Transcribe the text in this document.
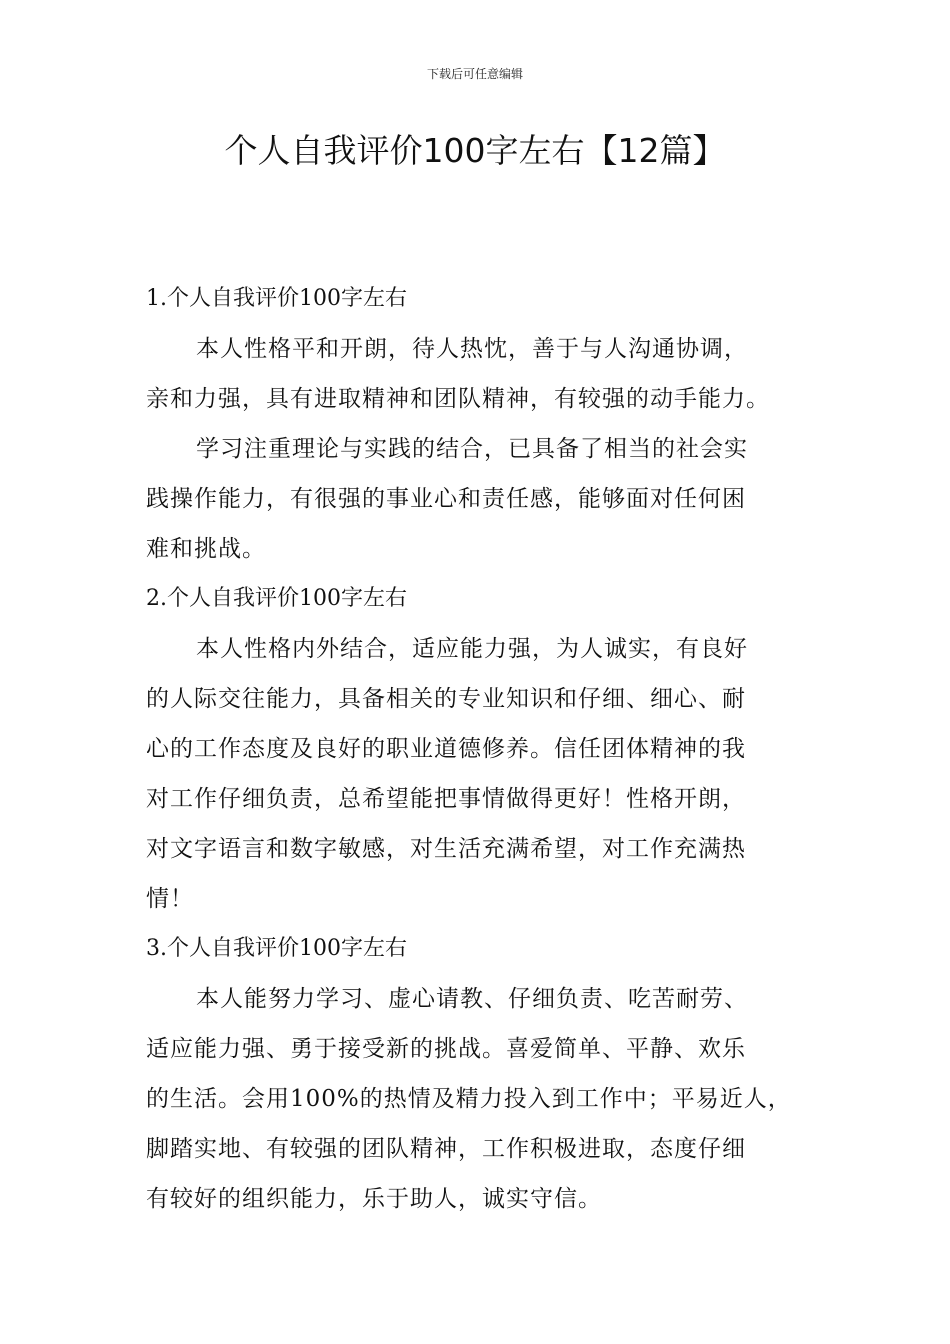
下载后可任意编辑
个人自我评价100字左右【12篇】
1.个人自我评价100字左右
本人性格平和开朗，待人热忱，善于与人沟通协调，
亲和力强，具有进取精神和团队精神，有较强的动手能力。
学习注重理论与实践的结合，已具备了相当的社会实
践操作能力，有很强的事业心和责任感，能够面对任何困
难和挑战。
2.个人自我评价100字左右
本人性格内外结合，适应能力强，为人诚实，有良好
的人际交往能力，具备相关的专业知识和仔细、细心、耐
心的工作态度及良好的职业道德修养。信任团体精神的我
对工作仔细负责，总希望能把事情做得更好！性格开朗，
对文字语言和数字敏感，对生活充满希望，对工作充满热
情！
3.个人自我评价100字左右
本人能努力学习、虚心请教、仔细负责、吃苦耐劳、
适应能力强、勇于接受新的挑战。喜爱简单、平静、欢乐
的生活。会用100%的热情及精力投入到工作中；平易近人，
脚踏实地、有较强的团队精神，工作积极进取，态度仔细
有较好的组织能力，乐于助人，诚实守信。
